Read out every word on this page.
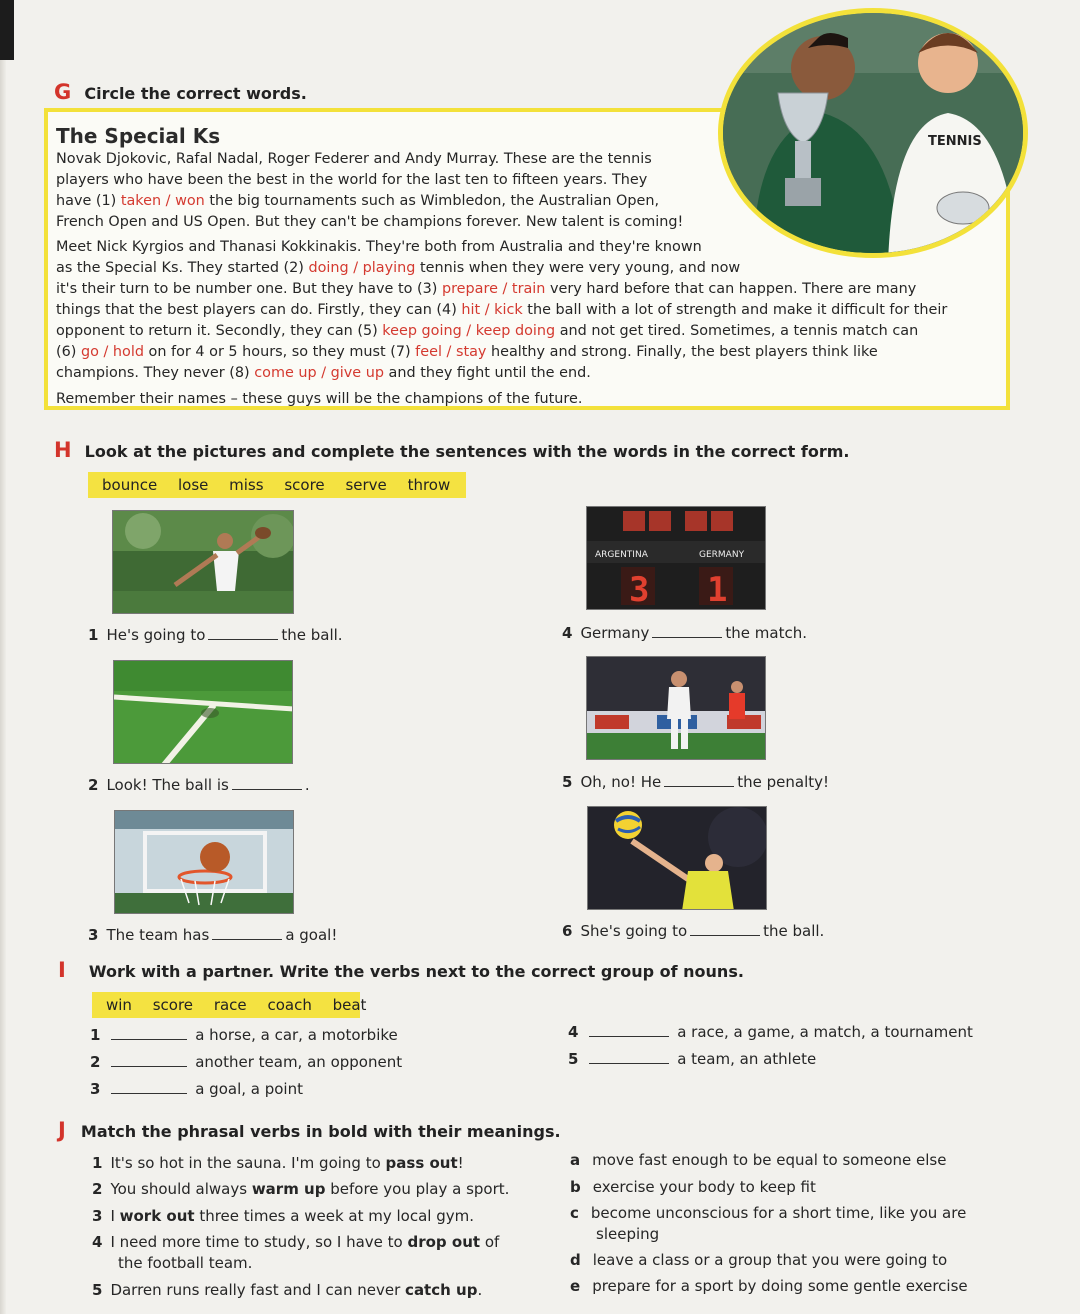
G Circle the correct words.
The Special Ks
Novak Djokovic, Rafal Nadal, Roger Federer and Andy Murray. These are the tennis
players who have been the best in the world for the last ten to fifteen years. They
have (1) taken / won the big tournaments such as Wimbledon, the Australian Open,
French Open and US Open. But they can't be champions forever. New talent is coming!
Meet Nick Kyrgios and Thanasi Kokkinakis. They're both from Australia and they're known
as the Special Ks. They started (2) doing / playing tennis when they were very young, and now
it's their turn to be number one. But they have to (3) prepare / train very hard before that can happen. There are many
things that the best players can do. Firstly, they can (4) hit / kick the ball with a lot of strength and make it difficult for their
opponent to return it. Secondly, they can (5) keep going / keep doing and not get tired. Sometimes, a tennis match can
(6) go / hold on for 4 or 5 hours, so they must (7) feel / stay healthy and strong. Finally, the best players think like
champions. They never (8) come up / give up and they fight until the end.
Remember their names – these guys will be the champions of the future.
TENNIS
H Look at the pictures and complete the sentences with the words in the correct form.
bounce lose miss score serve throw
ARGENTINA	GERMANY
3 1
1 He's going to	the ball.	4 Germany	the match.
2 Look! The ball is	.	5 Oh, no! He	the penalty!
3 The team has	a goal!	6 She's going to	the ball.
I Work with a partner. Write the verbs next to the correct group of nouns.
win score race coach beat
1	a horse, a car, a motorbike
2	another team, an opponent
3	a goal, a point
4	a race, a game, a match, a tournament
5	a team, an athlete
J Match the phrasal verbs in bold with their meanings.
1 It's so hot in the sauna. I'm going to pass out!
2 You should always warm up before you play a sport.
3 I work out three times a week at my local gym.
4 I need more time to study, so I have to drop out of
the football team.
5 Darren runs really fast and I can never catch up.
a move fast enough to be equal to someone else
b exercise your body to keep fit
c become unconscious for a short time, like you are
sleeping
d leave a class or a group that you were going to
e prepare for a sport by doing some gentle exercise
